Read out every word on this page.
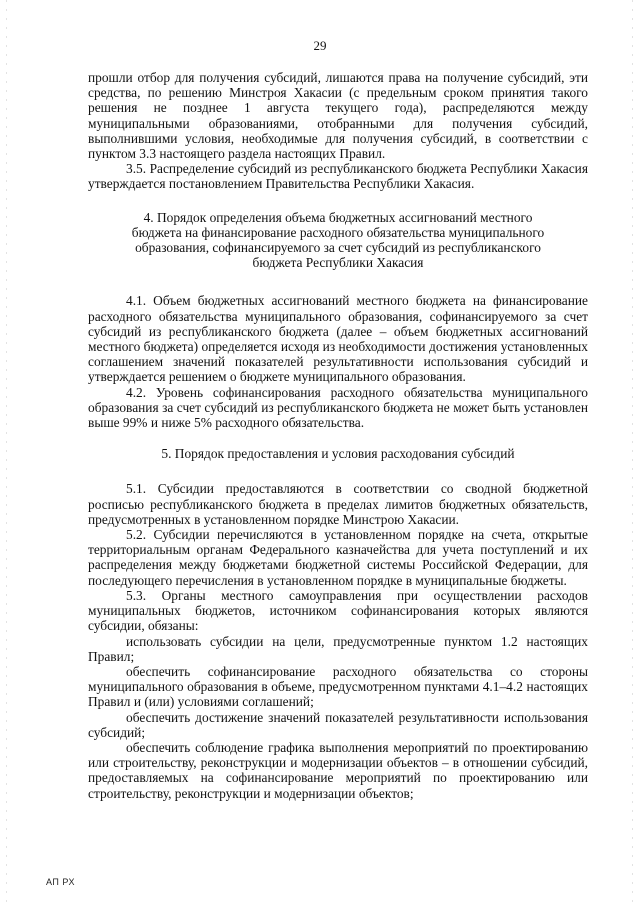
29

прошли отбор для получения субсидий, лишаются права на получение субсидий, эти средства, по решению Минстроя Хакасии (с предельным сроком принятия такого решения не позднее 1 августа текущего года), распределяются между муниципальными образованиями, отобранными для получения субсидий, выполнившими условия, необходимые для получения субсидий, в соответствии с пунктом 3.3 настоящего раздела настоящих Правил.

3.5. Распределение субсидий из республиканского бюджета Республики Хакасия утверждается постановлением Правительства Республики Хакасия.

4. Порядок определения объема бюджетных ассигнований местного бюджета на финансирование расходного обязательства муниципального образования, софинансируемого за счет субсидий из республиканского бюджета Республики Хакасия

4.1. Объем бюджетных ассигнований местного бюджета на финансирование расходного обязательства муниципального образования, софинансируемого за счет субсидий из республиканского бюджета (далее – объем бюджетных ассигнований местного бюджета) определяется исходя из необходимости достижения установленных соглашением значений показателей результативности использования субсидий и утверждается решением о бюджете муниципального образования.

4.2. Уровень софинансирования расходного обязательства муниципального образования за счет субсидий из республиканского бюджета не может быть установлен выше 99% и ниже 5% расходного обязательства.

5. Порядок предоставления и условия расходования субсидий

5.1. Субсидии предоставляются в соответствии со сводной бюджетной росписью республиканского бюджета в пределах лимитов бюджетных обязательств, предусмотренных в установленном порядке Минстрою Хакасии.

5.2. Субсидии перечисляются в установленном порядке на счета, открытые территориальным органам Федерального казначейства для учета поступлений и их распределения между бюджетами бюджетной системы Российской Федерации, для последующего перечисления в установленном порядке в муниципальные бюджеты.

5.3. Органы местного самоуправления при осуществлении расходов муниципальных бюджетов, источником софинансирования которых являются субсидии, обязаны:

использовать субсидии на цели, предусмотренные пунктом 1.2 настоящих Правил;

обеспечить софинансирование расходного обязательства со стороны муниципального образования в объеме, предусмотренном пунктами 4.1–4.2 настоящих Правил и (или) условиями соглашений;

обеспечить достижение значений показателей результативности использования субсидий;

обеспечить соблюдение графика выполнения мероприятий по проектированию или строительству, реконструкции и модернизации объектов – в отношении субсидий, предоставляемых на софинансирование мероприятий по проектированию или строительству, реконструкции и модернизации объектов;

АП РХ
